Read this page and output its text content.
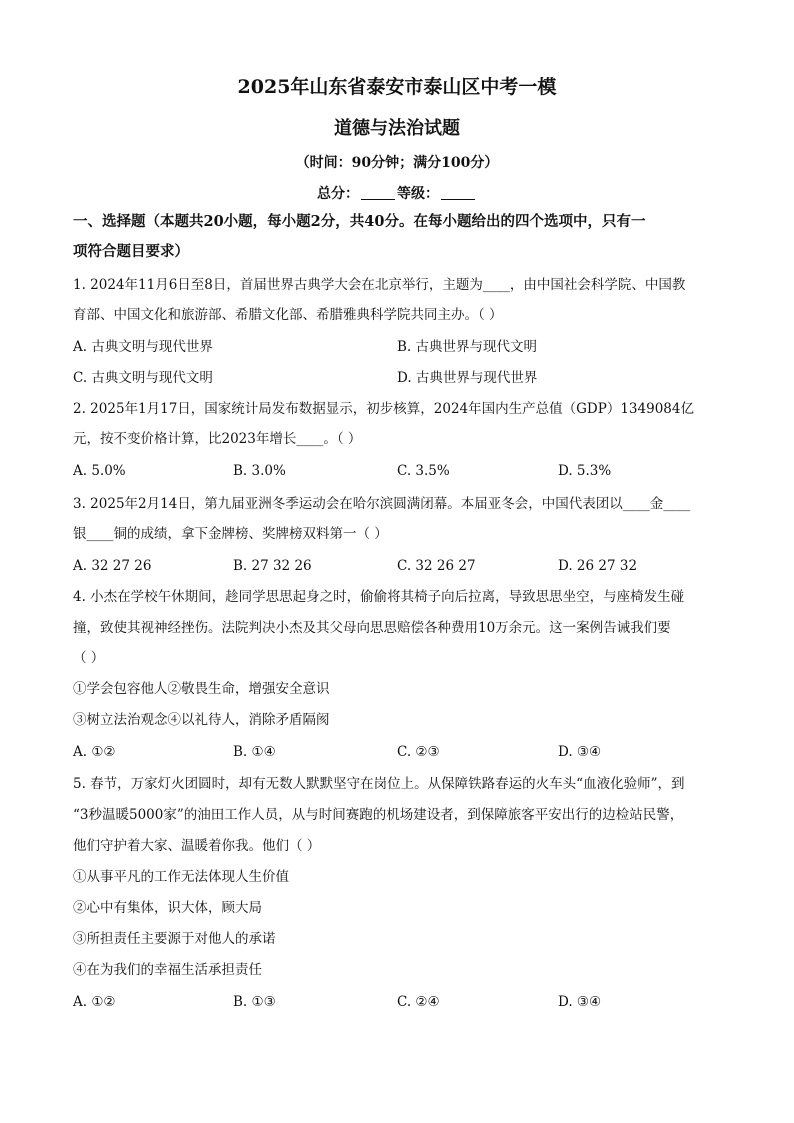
2025年山东省泰安市泰山区中考一模
道德与法治试题
（时间：90分钟；满分100分）
总分：	等级：
一、选择题（本题共20小题，每小题2分，共40分。在每小题给出的四个选项中，只有一
项符合题目要求）
1. 2024年11月6日至8日，首届世界古典学大会在北京举行，主题为____，由中国社会科学院、中国教
育部、中国文化和旅游部、希腊文化部、希腊雅典科学院共同主办。（ ）
A. 古典文明与现代世界	B. 古典世界与现代文明
C. 古典文明与现代文明	D. 古典世界与现代世界
2. 2025年1月17日，国家统计局发布数据显示，初步核算，2024年国内生产总值（GDP）1349084亿
元，按不变价格计算，比2023年增长____。（ ）
A. 5.0%	B. 3.0%	C. 3.5%	D. 5.3%
3. 2025年2月14日，第九届亚洲冬季运动会在哈尔滨圆满闭幕。本届亚冬会，中国代表团以____金____
银____铜的成绩，拿下金牌榜、奖牌榜双料第一（ ）
A. 32 27 26	B. 27 32 26	C. 32 26 27	D. 26 27 32
4. 小杰在学校午休期间，趁同学思思起身之时，偷偷将其椅子向后拉离，导致思思坐空，与座椅发生碰
撞，致使其视神经挫伤。法院判决小杰及其父母向思思赔偿各种费用10万余元。这一案例告诫我们要
（ ）
①学会包容他人②敬畏生命，增强安全意识
③树立法治观念④以礼待人，消除矛盾隔阂
A. ①②	B. ①④	C. ②③	D. ③④
5. 春节，万家灯火团圆时，却有无数人默默坚守在岗位上。从保障铁路春运的火车头“血液化验师”，到
“3秒温暖5000家”的油田工作人员，从与时间赛跑的机场建设者，到保障旅客平安出行的边检站民警，
他们守护着大家、温暖着你我。他们（ ）
①从事平凡的工作无法体现人生价值
②心中有集体，识大体，顾大局
③所担责任主要源于对他人的承诺
④在为我们的幸福生活承担责任
A. ①②	B. ①③	C. ②④	D. ③④
